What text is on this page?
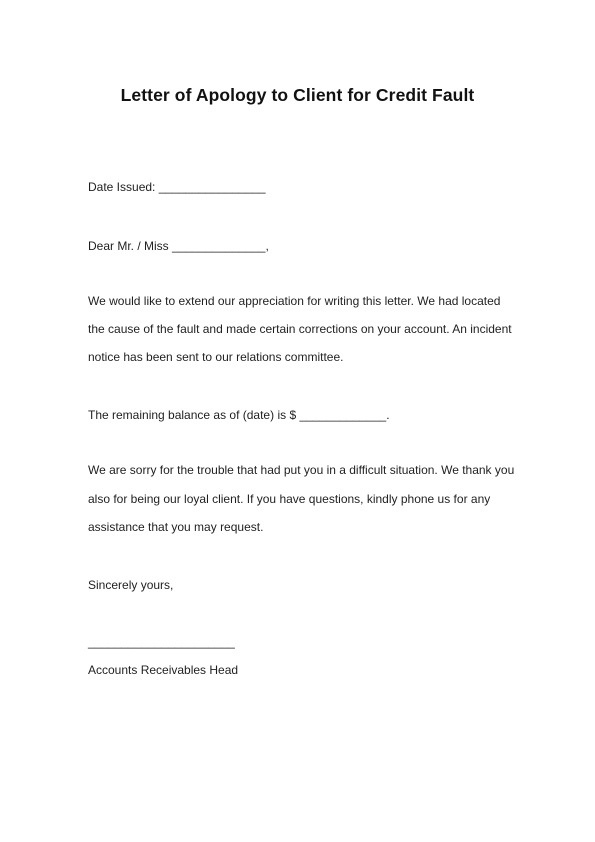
Letter of Apology to Client for Credit Fault
Date Issued: ________________
Dear Mr. / Miss ______________,
We would like to extend our appreciation for writing this letter. We had located
the cause of the fault and made certain corrections on your account. An incident
notice has been sent to our relations committee.
The remaining balance as of (date) is $ _____________.
We are sorry for the trouble that had put you in a difficult situation. We thank you
also for being our loyal client. If you have questions, kindly phone us for any
assistance that you may request.
Sincerely yours,
______________________
Accounts Receivables Head
